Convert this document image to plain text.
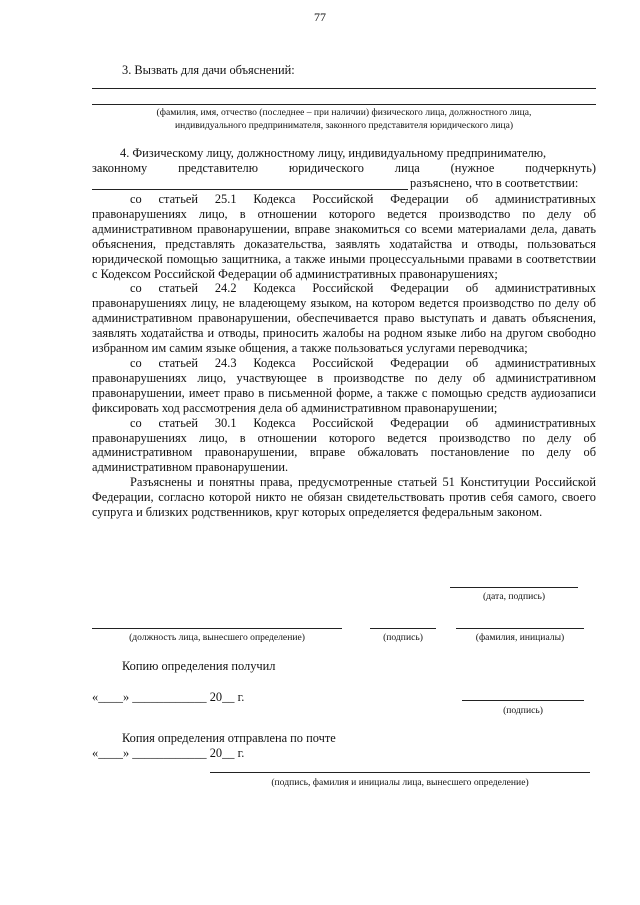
77
3. Вызвать для дачи объяснений:
(фамилия, имя, отчество (последнее – при наличии) физического лица, должностного лица,
индивидуального предпринимателя, законного представителя юридического лица)
4. Физическому лицу, должностному лицу, индивидуальному предпринимателю,
законному представителю юридического лица (нужное подчеркнуть)
разъяснено, что в соответствии:

со статьей 25.1 Кодекса Российской Федерации об административных правонарушениях лицо, в отношении которого ведется производство по делу об административном правонарушении, вправе знакомиться со всеми материалами дела, давать объяснения, представлять доказательства, заявлять ходатайства и отводы, пользоваться юридической помощью защитника, а также иными процессуальными правами в соответствии с Кодексом Российской Федерации об административных правонарушениях;

со статьей 24.2 Кодекса Российской Федерации об административных правонарушениях лицу, не владеющему языком, на котором ведется производство по делу об административном правонарушении, обеспечивается право выступать и давать объяснения, заявлять ходатайства и отводы, приносить жалобы на родном языке либо на другом свободно избранном им самим языке общения, а также пользоваться услугами переводчика;

со статьей 24.3 Кодекса Российской Федерации об административных правонарушениях лицо, участвующее в производстве по делу об административном правонарушении, имеет право в письменной форме, а также с помощью средств аудиозаписи фиксировать ход рассмотрения дела об административном правонарушении;

со статьей 30.1 Кодекса Российской Федерации об административных правонарушениях лицо, в отношении которого ведется производство по делу об административном правонарушении, вправе обжаловать постановление по делу об административном правонарушении.

Разъяснены и понятны права, предусмотренные статьей 51 Конституции Российской Федерации, согласно которой никто не обязан свидетельствовать против себя самого, своего супруга и близких родственников, круг которых определяется федеральным законом.

(дата, подпись)
(должность лица, вынесшего определение)	(подпись)	(фамилия, инициалы)
Копию определения получил
«____» ____________ 20__ г.
(подпись)
Копия определения отправлена по почте
«____» ____________ 20__ г.
(подпись, фамилия и инициалы лица, вынесшего определение)
